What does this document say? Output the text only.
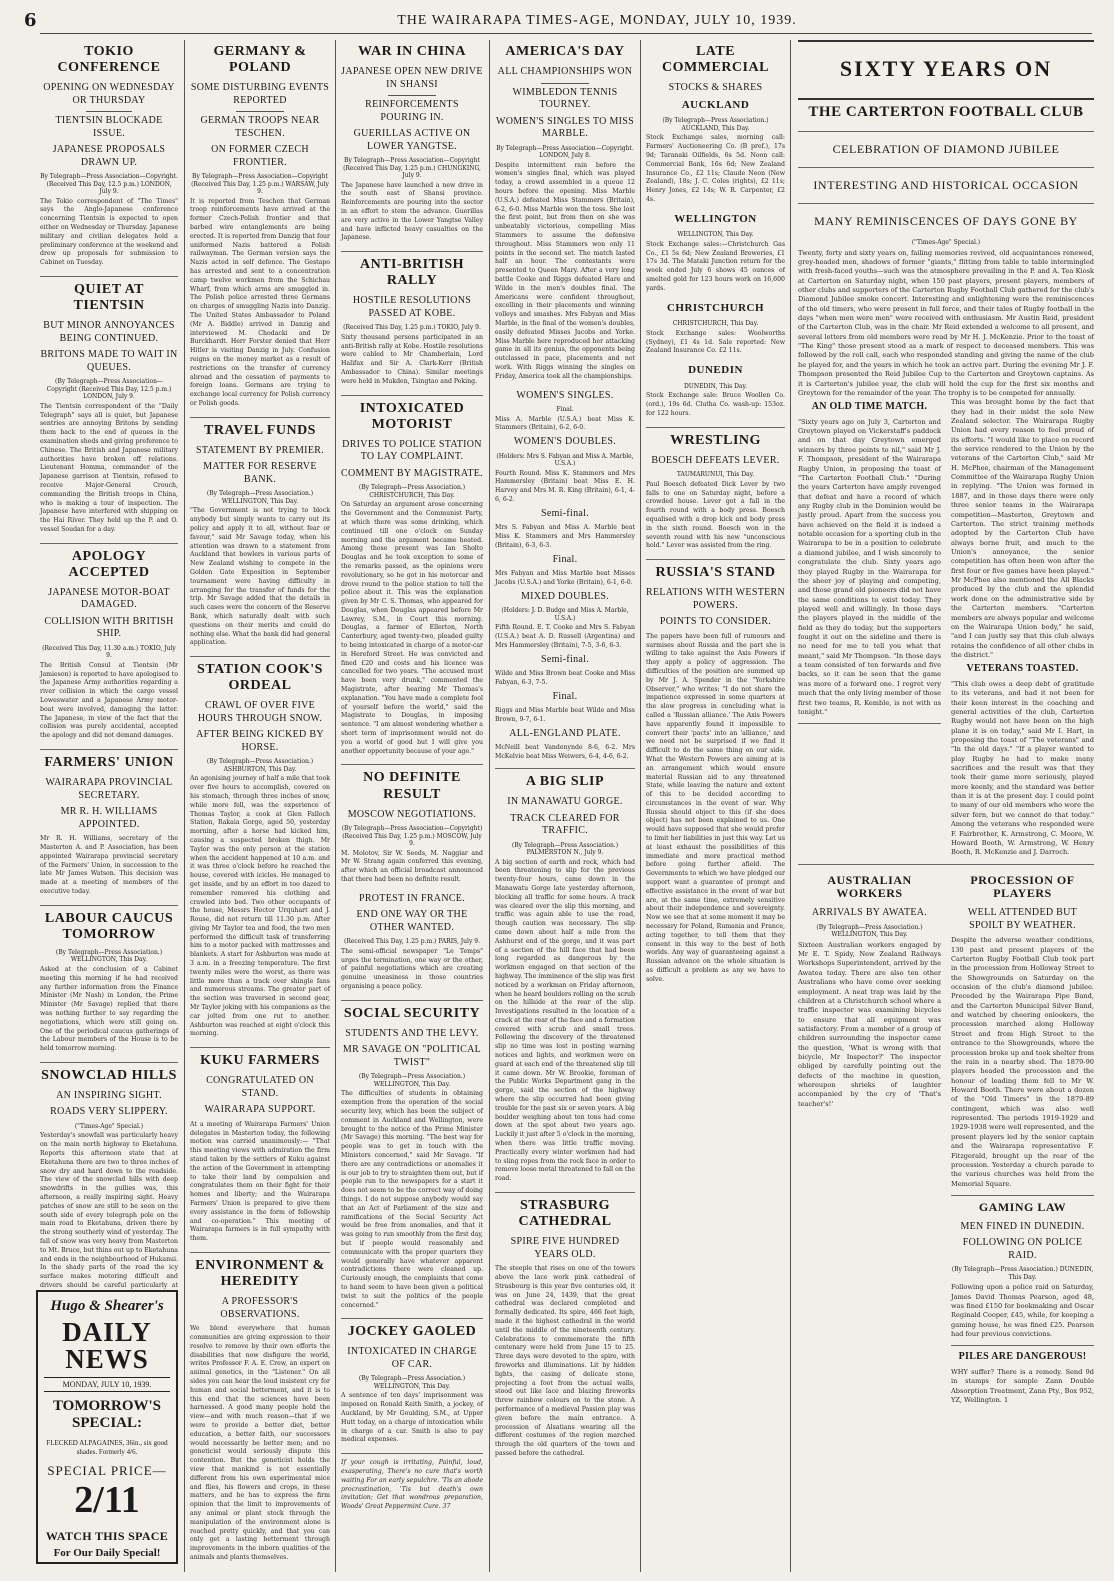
6	THE WAIRARAPA TIMES-AGE, MONDAY, JULY 10, 1939.
TOKIO CONFERENCE
OPENING ON WEDNESDAY OR THURSDAY
TIENTSIN BLOCKADE ISSUE.
JAPANESE PROPOSALS DRAWN UP.
By Telegraph—Press Association—Copyright. (Received This Day, 12.5 p.m.) LONDON, July 9.

The Tokio correspondent of "The Times" says the Anglo-Japanese conference concerning Tientsin is expected to open either on Wednesday or Thursday. Japanese military and civilian delegates hold a preliminary conference at the weekend and drew up proposals for submission to Cabinet on Tuesday.

QUIET AT TIENTSIN
BUT MINOR ANNOYANCES BEING CONTINUED.
BRITONS MADE TO WAIT IN QUEUES.
(By Telegraph—Press Association—Copyright (Received This Day, 12.5 p.m.) LONDON, July 9.

The Tientsin correspondent of the "Daily Telegraph" says all is quiet, but Japanese sentries are annoying Britons by sending them back to the end of queues in the examination sheds and giving preference to Chinese. The British and Japanese military authorities have broken off relations. Lieutenant Homma, commander of the Japanese garrison at Tientsin, refused to receive Major-General Crouch, commanding the British troops in China, who is making a tour of inspection. The Japanese have interfered with shipping on the Hai River. They held up the P. and O. vessel Soudan for a day.

APOLOGY ACCEPTED
JAPANESE MOTOR-BOAT DAMAGED.
COLLISION WITH BRITISH SHIP.
(Received This Day, 11.30 a.m.) TOKIO, July 9.

The British Consul at Tientsin (Mr Jamieson) is reported to have apologised to the Japanese Army authorities regarding a river collision in which the cargo vessel Loweswater and a Japanese Army motor-boat were involved, damaging the latter. The Japanese, in view of the fact that the collision was purely accidental, accepted the apology and did not demand damages.

FARMERS' UNION
WAIRARAPA PROVINCIAL SECRETARY.
MR R. H. WILLIAMS APPOINTED.

Mr R. H. Williams, secretary of the Masterton A. and P. Association, has been appointed Wairarapa provincial secretary of the Farmers' Union, in succession to the late Mr James Watson. This decision was made at a meeting of members of the executive today.

LABOUR CAUCUS TOMORROW
(By Telegraph—Press Association.) WELLINGTON, This Day.

Asked at the conclusion of a Cabinet meeting this morning if he had received any further information from the Finance Minister (Mr Nash) in London, the Prime Minister (Mr Savage) replied that there was nothing further to say regarding the negotiations, which were still going on. One of the periodical caucus gatherings of the Labour members of the House is to be held tomorrow morning.

SNOWCLAD HILLS
AN INSPIRING SIGHT.
ROADS VERY SLIPPERY.
("Times-Age" Special.)

Yesterday's snowfall was particularly heavy on the main north highway to Eketahuna. Reports this afternoon state that at Eketahuna there are two to three inches of snow dry and hard down to the roadside. The view of the snowclad hills with deep snowdrifts in the gullies was, this afternoon, a really inspiring sight. Heavy patches of snow are still to be seen on the south side of every telegraph pole on the main road to Eketahuna, driven there by the strong southerly wind of yesterday. The fall of snow was very heavy from Masterton to Mt. Bruce, but thins out up to Eketahuna and ends in the neighbourhood of Hukanui. In the shady parts of the road the icy surface makes motoring difficult and drivers should be careful particularly at

Hugo & Shearer's
DAILY NEWS
MONDAY, JULY 10, 1939.
TOMORROW'S SPECIAL:
FLECKED ALPAGAINES, 36in., six good shades. Formerly 4/6.
SPECIAL PRICE—
2/11
WATCH THIS SPACE
For Our Daily Special!
GERMANY & POLAND
SOME DISTURBING EVENTS REPORTED
GERMAN TROOPS NEAR TESCHEN.
ON FORMER CZECH FRONTIER.
By Telegraph—Press Association—Copyright (Received This Day, 1.25 p.m.) WARSAW, July 9.

It is reported from Teschen that German troop reinforcements have arrived at the former Czech-Polish frontier and that barbed wire entanglements are being erected. It is reported from Danzig that four uniformed Nazis battered a Polish railwayman. The German version says the Nazis acted in self defence. The Gestapo has arrested and sent to a concentration camp twelve workmen from the Schichau Wharf, from which arms are smuggled in. The Polish police arrested three Germans on charges of smuggling Nazis into Danzig. The United States Ambassador to Poland (Mr A. Biddle) arrived in Danzig and interviewed M. Chodacki and Dr Burckhardt. Herr Forster denied that Herr Hitler is visiting Danzig in July. Confusion reigns on the money market as a result of restrictions on the transfer of currency abroad and the cessation of payments to foreign loans. Germans are trying to exchange local currency for Polish currency or Polish goods.

TRAVEL FUNDS
STATEMENT BY PREMIER.
MATTER FOR RESERVE BANK.
(By Telegraph—Press Association.) WELLINGTON, This Day.

"The Government is not trying to block anybody but simply wants to carry out its policy and apply it to all, without fear or favour," said Mr Savage today, when his attention was drawn to a statement from Auckland that bowlers in various parts of New Zealand wishing to compete in the Golden Gate Exposition in September tournament were having difficulty in arranging for the transfer of funds for the trip. Mr Savage added that the details in such cases were the concern of the Reserve Bank, which naturally dealt with such questions on their merits and could do nothing else. What the bank did had general application.

STATION COOK'S ORDEAL
CRAWL OF OVER FIVE HOURS THROUGH SNOW.
AFTER BEING KICKED BY HORSE.
(By Telegraph—Press Association.) ASHBURTON, This Day.

An agonising journey of half a mile that took over five hours to accomplish, covered on his stomach, through three inches of snow, while more fell, was the experience of Thomas Taylor, a cook at Glen Falloch Station, Rakaia Gorge, aged 50, yesterday morning, after a horse had kicked him, causing a suspected broken thigh. Mr Taylor was the only person at the station when the accident happened at 10 a.m. and it was three o'clock before he reached the house, covered with icicles. He managed to get inside, and by an effort in too dazed to remember removed his clothing and crawled into bed. Two other occupants of the house, Messrs Hector Urquhart and J. Rouse, did not return till 11.30 p.m. After giving Mr Taylor tea and food, the two men performed the difficult task of transferring him to a motor packed with mattresses and blankets. A start for Ashburton was made at 3 a.m. in a freezing temperature. The first twenty miles were the worst, as there was little more than a track over shingle fans and numerous streams. The greater part of the section was traversed in second gear, Mr Taylor joking with his companions as the car jolted from one rut to another. Ashburton was reached at eight o'clock this morning.

KUKU FARMERS
CONGRATULATED ON STAND.
WAIRARAPA SUPPORT.

At a meeting of Wairarapa Farmers' Union delegates in Masterton today, the following motion was carried unanimously:— "That this meeting views with admiration the firm stand taken by the settlers of Kuku against the action of the Government in attempting to take their land by compulsion and congratulates them on their fight for their homes and liberty; and the Wairarapa Farmers' Union is prepared to give them every assistance in the form of fellowship and co-operation." This meeting of Wairarapa farmers is in full sympathy with them.

ENVIRONMENT & HEREDITY
A PROFESSOR'S OBSERVATIONS.

We blend everywhere that human communities are giving expression to their resolve to remove by their own efforts the disabilities that now disfigure the world, writes Professor F. A. E. Crew, an expert on animal genetics, in the "Listener." On all sides you can hear the loud insistent cry for human and social betterment, and it is to this end that the sciences have been harnessed. A good many people hold the view—and with much reason—that if we were to provide a better diet, better education, a better faith, our successors would necessarily be better men; and no geneticist would seriously dispute this contention. But the geneticist holds the view that mankind is not essentially different from his own experimental mice and flies, his flowers and crops, in these matters, and he has to express the firm opinion that the limit to improvements of any animal or plant stock through the manipulation of the environment alone is reached pretty quickly, and that you can only get a lasting betterment through improvements in the inborn qualities of the animals and plants themselves.

WAR IN CHINA
JAPANESE OPEN NEW DRIVE IN SHANSI
REINFORCEMENTS POURING IN.
GUERILLAS ACTIVE ON LOWER YANGTSE.
By Telegraph—Press Association—Copyright (Received This Day, 1.25 p.m.) CHUNGKING, July 9.

The Japanese have launched a new drive in the south east of Shansi province. Reinforcements are pouring into the sector in an effort to stem the advance. Guerillas are very active in the Lower Yangtse Valley and have inflicted heavy casualties on the Japanese.

ANTI-BRITISH RALLY
HOSTILE RESOLUTIONS PASSED AT KOBE.
(Received This Day, 1.25 p.m.) TOKIO, July 9.

Sixty thousand persons participated in an anti-British rally at Kobe. Hostile resolutions were cabled to Mr Chamberlain, Lord Halifax and Sir A. Clark-Kerr (British Ambassador to China). Similar meetings were held in Mukden, Tsingtao and Peking.

INTOXICATED MOTORIST
DRIVES TO POLICE STATION TO LAY COMPLAINT.
COMMENT BY MAGISTRATE.
(By Telegraph—Press Association.) CHRISTCHURCH, This Day.

On Saturday an argument arose concerning the Government and the Communist Party, at which there was some drinking, which continued till one o'clock on Sunday morning and the argument became heated. Among those present was Ian Sholto Douglas and he took exception to some of the remarks passed, as the opinions were revolutionary, so he got in his motorcar and drove round to the police station to tell the police about it. This was the explanation given by Mr C. S. Thomas, who appeared for Douglas, when Douglas appeared before Mr Lawrey, S.M., in Court this morning. Douglas, a farmer of Ellerton, North Canterbury, aged twenty-two, pleaded guilty to being intoxicated in charge of a motor-car in Hereford Street. He was convicted and fined £20 and costs and his licence was cancelled for two years. "The accused must have been very drunk," commented the Magistrate, after hearing Mr Thomas's explanation. "You have made a complete fool of yourself before the world," said the Magistrate to Douglas, in imposing sentence. "I am almost wondering whether a short term of imprisonment would not do you a world of good but I will give you another opportunity because of your age."

NO DEFINITE RESULT
MOSCOW NEGOTIATIONS.
(By Telegraph—Press Association—Copyright) (Received This Day, 1.25 p.m.) MOSCOW, July 9.

M. Molotov, Sir W. Seeds, M. Naggiar and Mr W. Strang again conferred this evening, after which an official broadcast announced that there had been no definite result.

PROTEST IN FRANCE.
END ONE WAY OR THE OTHER WANTED.
(Received This Day, 1.25 p.m.) PARIS, July 9.

The semi-official newspaper "Le Temps" urges the termination, one way or the other, of painful negotiations which are creating genuine uneasiness in those countries organising a peace policy.

SOCIAL SECURITY
STUDENTS AND THE LEVY.
MR SAVAGE ON "POLITICAL TWIST"
(By Telegraph—Press Association.) WELLINGTON, This Day.

The difficulties of students in obtaining exemption from the operation of the social security levy, which has been the subject of comment in Auckland and Wellington, were brought to the notice of the Prime Minister (Mr Savage) this morning. "The best way for people was to get in touch with the Ministers concerned," said Mr Savage. "If there are any contradictions or anomalies it is our job to try to straighten them out, but if people run to the newspapers for a start it does not seem to be the correct way of doing things. I do not suppose anybody would say that an Act of Parliament of the size and ramifications of the Social Security Act would be free from anomalies, and that it was going to run smoothly from the first day, but if people would reasonably and communicate with the proper quarters they would generally have whatever apparent contradictions there were cleaned up. Curiously enough, the complaints that come to hand seem to have been given a political twist to suit the politics of the people concerned."

JOCKEY GAOLED
INTOXICATED IN CHARGE OF CAR.
(By Telegraph—Press Association.) WELLINGTON, This Day.

A sentence of ten days' imprisonment was imposed on Ronald Keith Smith, a jockey, of Auckland, by Mr Goulding, S.M., at Upper Hutt today, on a charge of intoxication while in charge of a car. Smith is also to pay medical expenses.

If your cough is irritating, Painful, loud, exasperating, There's no cure that's worth waiting For an early sepulchre. 'Tis an abode procrastination, 'Tis but death's own invitation; Get that wondrous preparation, Woods' Great Peppermint Cure. 37

AMERICA'S DAY
ALL CHAMPIONSHIPS WON
WIMBLEDON TENNIS TOURNEY.
WOMEN'S SINGLES TO MISS MARBLE.
By Telegraph—Press Association—Copyright. LONDON, July 8.

Despite intermittent rain before the women's singles final, which was played today, a crowd assembled in a queue 12 hours before the opening. Miss Marble (U.S.A.) defeated Miss Stammers (Britain), 6-2, 6-0. Miss Marble won the toss. She lost the first point, but from then on she was unbeatably victorious, compelling Miss Stammers to assume the defensive throughout. Miss Stammers won only 11 points in the second set. The match lasted half an hour. The contestants were presented to Queen Mary. After a very long battle Cooke and Riggs defeated Hare and Wilde in the men's doubles final. The Americans were confident throughout, excelling in their placements and winning volleys and smashes. Mrs Fabyan and Miss Marble, in the final of the women's doubles, easily defeated Misses Jacobs and Yorke. Miss Marble here reproduced her attacking game in all its genius, the opponents being outclassed in pace, placements and net work. With Riggs winning the singles on Friday, America took all the championships.

WOMEN'S SINGLES.
Final.

Miss A. Marble (U.S.A.) beat Miss K. Stammers (Britain), 6-2, 6-0.

WOMEN'S DOUBLES.
(Holders: Mrs S. Fabyan and Miss A. Marble, U.S.A.)

Fourth Round. Miss K. Stammers and Mrs Hammersley (Britain) beat Miss E. H. Harvey and Mrs M. R. King (Britain), 6-1, 4-6, 6-2.

Semi-final.

Mrs S. Fabyan and Miss A. Marble beat Miss K. Stammers and Mrs Hammersley (Britain), 6-3, 6-3.

Final.

Mrs Fabyan and Miss Marble beat Misses Jacobs (U.S.A.) and Yorke (Britain), 6-1, 6-0.

MIXED DOUBLES.
(Holders: J. D. Budge and Miss A. Marble, U.S.A.)

Fifth Round. E. T. Cooke and Mrs S. Fabyan (U.S.A.) beat A. D. Russell (Argentina) and Mrs Hammersley (Britain), 7-5, 3-6, 6-3.

Semi-final.

Wilde and Miss Brown beat Cooke and Miss Fabyan, 6-3, 7-5.

Final.

Riggs and Miss Marble beat Wilde and Miss Brown, 9-7, 6-1.

ALL-ENGLAND PLATE.

McNeill beat Vandenynde 8-6, 6-2. Mrs McKelvie beat Miss Weiwers, 6-4, 4-6, 6-2.

A BIG SLIP
IN MANAWATU GORGE.
TRACK CLEARED FOR TRAFFIC.
(By Telegraph—Press Association.) PALMERSTON N., July 9.

A big section of earth and rock, which had been threatening to slip for the previous twenty-four hours, came down in the Manawatu Gorge late yesterday afternoon, blocking all traffic for some hours. A track was cleared over the slip this morning, and traffic was again able to use the road, though caution was necessary. The slip came down about half a mile from the Ashhurst end of the gorge, and it was part of a section of the hill face that had been long regarded as dangerous by the workmen engaged on that section of the highway. The imminence of the slip was first noticed by a workman on Friday afternoon, when he heard boulders rolling on the scrub on the hillside at the rear of the slip. Investigations resulted in the location of a crack at the rear of the face and a formation covered with scrub and small trees. Following the discovery of the threatened slip no time was lost in posting warning notices and lights, and workmen were on guard at each end of the threatened slip till it came down. Mr W. Brookie, foreman of the Public Works Department gang in the gorge, said the section of the highway where the slip occurred had been giving trouble for the past six or seven years. A big boulder weighing about ten tons had come down at the spot about two years ago. Luckily it just after 5 o'clock in the morning, when there was little traffic moving. Practically every winter workmen had had to sling ropes from the rock face in order to remove loose metal threatened to fall on the road.

STRASBURG CATHEDRAL
SPIRE FIVE HUNDRED YEARS OLD.

The steeple that rises on one of the towers above the lace work pink cathedral of Strasbourg is this year five centuries old, it was on June 24, 1439, that the great cathedral was declared completed and formally dedicated. Its spire, 466 feet high, made it the highest cathedral in the world until the middle of the nineteenth century. Celebrations to commemorate the fifth centenary were held from June 15 to 25. Three days were devoted to the spire, with fireworks and illuminations. Lit by hidden lights, the casing of delicate stone, projecting a foot from the actual walls, stood out like lace and blazing fireworks threw rainbow colours on to the stone. A performance of a medieval Passion play was given before the main entrance. A procession of Alsatians wearing all the different costumes of the region marched through the old quarters of the town and passed before the cathedral.

LATE COMMERCIAL
STOCKS & SHARES
AUCKLAND
(By Telegraph—Press Association.) AUCKLAND, This Day.

Stock Exchange sales, morning call: Farmers' Auctioneering Co. (B pref.), 17s 9d; Taranaki Oilfields, 6s 5d. Noon call: Commercial Bank, 16s 6d; New Zealand Insurance Co., £2 11s; Claude Neon (New Zealand), 18s; J. C. Coles (rights), £2 11s; Henry Jones, £2 14s; W. R. Carpenter, £2 4s.

WELLINGTON
WELLINGTON, This Day.

Stock Exchange sales:—Christchurch Gas Co., £1 5s 6d; New Zealand Breweries, £1 17s 3d. The Mataki Junction return for the week ended July 6 shows 45 ounces of smelted gold for 123 hours work on 16,600 yards.

CHRISTCHURCH
CHRISTCHURCH, This Day.

Stock Exchange sales: Woolworths (Sydney), £1 4s 1d. Sale reported: New Zealand Insurance Co. £2 11s.

DUNEDIN
DUNEDIN, This Day.

Stock Exchange sale: Bruce Woollen Co. (ord.), 19s 6d. Clutha Co. wash-up: 153oz. for 122 hours.

WRESTLING
BOESCH DEFEATS LEVER.
TAUMARUNUI, This Day.

Paul Boesch defeated Dick Lever by two falls to one on Saturday night, before a crowded house. Lever got a fall in the fourth round with a body press. Boesch equalised with a drop kick and body press in the sixth round. Boesch won in the seventh round with his new "unconscious hold." Lever was assisted from the ring.

RUSSIA'S STAND
RELATIONS WITH WESTERN POWERS.
POINTS TO CONSIDER.

The papers have been full of rumours and surmises about Russia and the part she is willing to take against the Axis Powers if they apply a policy of aggression. The difficulties of the position are summed up by Mr J. A. Spender in the "Yorkshire Observer," who writes: "I do not share the impatience expressed in some quarters at the slow progress in concluding what is called a 'Russian alliance.' The Axis Powers have apparently found it impossible to convert their 'pacts' into an 'alliance,' and we need not be surprised if we find it difficult to do the same thing on our side. What the Western Powers are aiming at is an arrangement which would ensure material Russian aid to any threatened State, while leaving the nature and extent of this to be decided according to circumstances in the event of war. Why Russia should object to this (if she does object) has not been explained to us. One would have supposed that she would prefer to limit her liabilities in just this way. Let us at least exhaust the possibilities of this immediate and more practical method before going further afield. The Governments to which we have pledged our support want a guarantee of prompt and effective assistance in the event of war but are, at the same time, extremely sensitive about their independence and sovereignty. Now we see that at some moment it may be necessary for Poland, Rumania and France, acting together, to tell them that they consent in this way to the best of both worlds. Any way of guaranteeing against a Russian advance on the whole situation is as difficult a problem as any we have to solve.

SIXTY YEARS ON
THE CARTERTON FOOTBALL CLUB
CELEBRATION OF DIAMOND JUBILEE
INTERESTING AND HISTORICAL OCCASION
MANY REMINISCENCES OF DAYS GONE BY
("Times-Age" Special.)

Twenty, forty and sixty years on, failing memories revived, old acquaintances renewed, grey-headed men, shadows of former "giants," flitting from table to table intermingled with fresh-faced youths—such was the atmosphere prevailing in the P. and A. Tea Kiosk at Carterton on Saturday night, when 150 past players, present players, members of other clubs and supporters of the Carterton Rugby Football Club gathered for the club's Diamond Jubilee smoke concert. Interesting and enlightening were the reminiscences of the old timers, who were present in full force, and their tales of Rugby football in the days "when men were men" were received with enthusiasm. Mr Austin Reid, president of the Carterton Club, was in the chair. Mr Reid extended a welcome to all present, and several letters from old members were read by Mr H. J. McKenzie. Prior to the toast of "The King" those present stood as a mark of respect to deceased members. This was followed by the roll call, each who responded standing and giving the name of the club he played for, and the years in which he took an active part. During the evening Mr J. F. Thompson presented the Reid Jubilee Cup to the Carterton and Greytown captains. As it is Carterton's jubilee year, the club will hold the cup for the first six months and Greytown for the remainder of the year. The trophy is to be competed for annually.

AN OLD TIME MATCH.

"Sixty years ago on July 3, Carterton and Greytown played on Vickerstaff's paddock and on that day Greytown emerged winners by three points to nil," said Mr J. F. Thompson, president of the Wairarapa Rugby Union, in proposing the toast of "The Carterton Football Club." "During the years Carterton have amply revenged that defeat and have a record of which any Rugby club in the Dominion would be justly proud. Apart from the success you have achieved on the field it is indeed a notable occasion for a sporting club in the Wairarapa to be in a position to celebrate a diamond jubilee, and I wish sincerely to congratulate the club. Sixty years ago they played Rugby in the Wairarapa for the sheer joy of playing and competing, and those grand old pioneers did not have the same conditions to exist today. They played well and willingly. In those days the players played in the middle of the field as they do today, but the supporters fought it out on the sideline and there is no need for me to tell you what that meant," said Mr Thompson. "In those days a team consisted of ten forwards and five backs, so it can be seen that the game was more of a forward one. I regret very much that the only living member of those first two teams, R. Kemble, is not with us tonight."

This was brought home by the fact that they had in their midst the sole New Zealand selector. The Wairarapa Rugby Union had every reason to feel proud of its efforts. "I would like to place on record the service rendered to the Union by the veterans of the Carterton Club," said Mr H. McPhee, chairman of the Management Committee of the Wairarapa Rugby Union in replying. "The Union was formed in 1887, and in those days there were only three senior teams in the Wairarapa competition—Masterton, Greytown and Carterton. The strict training methods adopted by the Carterton Club have always borne fruit, and much to the Union's annoyance, the senior competition has often been won after the first four or five games have been played." Mr McPhee also mentioned the All Blacks produced by the club and the splendid work done on the administrative side by the Carterton members. "Carterton members are always popular and welcome on the Wairarapa Union body," he said, "and I can justly say that this club always retains the confidence of all other clubs in the district."

VETERANS TOASTED.

"This club owes a deep debt of gratitude to its veterans, and had it not been for their keen interest in the coaching and general activities of the club, Carterton Rugby would not have been on the high plane it is on today," said Mr I. Hart, in proposing the toast of "The veterans" and "In the old days." "If a player wanted to play Rugby he had to make many sacrifices and the result was that they took their game more seriously, played more keenly, and the standard was better than it is at the present day. I could point to many of our old members who wore the silver fern, but we cannot do that today." Among the veterans who responded were F. Fairbrother, K. Armstrong, C. Moore, W. Howard Booth, W. Armstrong, W. Henry Booth, R. McKenzie and J. Darroch.

AUSTRALIAN WORKERS
ARRIVALS BY AWATEA.
(By Telegraph—Press Association.) WELLINGTON, This Day.

Sixteen Australian workers engaged by Mr E. T. Spidy, New Zealand Railways Workshops Superintendent, arrived by the Awatea today. There are also ten other Australians who have come over seeking employment. A neat trap was laid by the children at a Christchurch school where a traffic inspector was examining bicycles to ensure that all equipment was satisfactory. From a member of a group of children surrounding the inspector came the question, 'What is wrong with that bicycle, Mr Inspector?' The inspector obliged by carefully pointing out the defects of the machine in question, whereupon shrieks of laughter accompanied by the cry of 'That's teacher's!'

PROCESSION OF PLAYERS
WELL ATTENDED BUT SPOILT BY WEATHER.

Despite the adverse weather conditions, 130 past and present players of the Carterton Rugby Football Club took part in the procession from Holloway Street to the Showgrounds on Saturday on the occasion of the club's diamond jubilee. Preceded by the Wairarapa Pipe Band, and the Carterton Municipal Silver Band, and watched by cheering onlookers, the procession marched along Holloway Street and from High Street to the entrance to the Showgrounds, where the procession broke up and took shelter from the rain in a nearby shed. The 1879-90 players headed the procession and the honour of leading them fell to Mr W. Howard Booth. There were about a dozen of the "Old Timers" in the 1879-89 contingent, which was also well represented. The periods 1919-1929 and 1929-1938 were well represented, and the present players led by the senior captain and the Wairarapa representative F. Fitzgerald, brought up the rear of the procession. Yesterday a church parade to the various churches was held from the Memorial Square.

GAMING LAW
MEN FINED IN DUNEDIN.
FOLLOWING ON POLICE RAID.
(By Telegraph—Press Association.) DUNEDIN, This Day.

Following upon a police raid on Saturday, James David Thomas Pearson, aged 48, was fined £150 for bookmaking and Oscar Reginald Cooper, £45, while, for keeping a gaming house, he was fined £25. Pearson had four previous convictions.

PILES ARE DANGEROUS!

WHY suffer? There is a remedy. Send 9d in stamps for sample Zann Double Absorption Treatment, Zann Pty., Box 952, YZ, Wellington. 1
